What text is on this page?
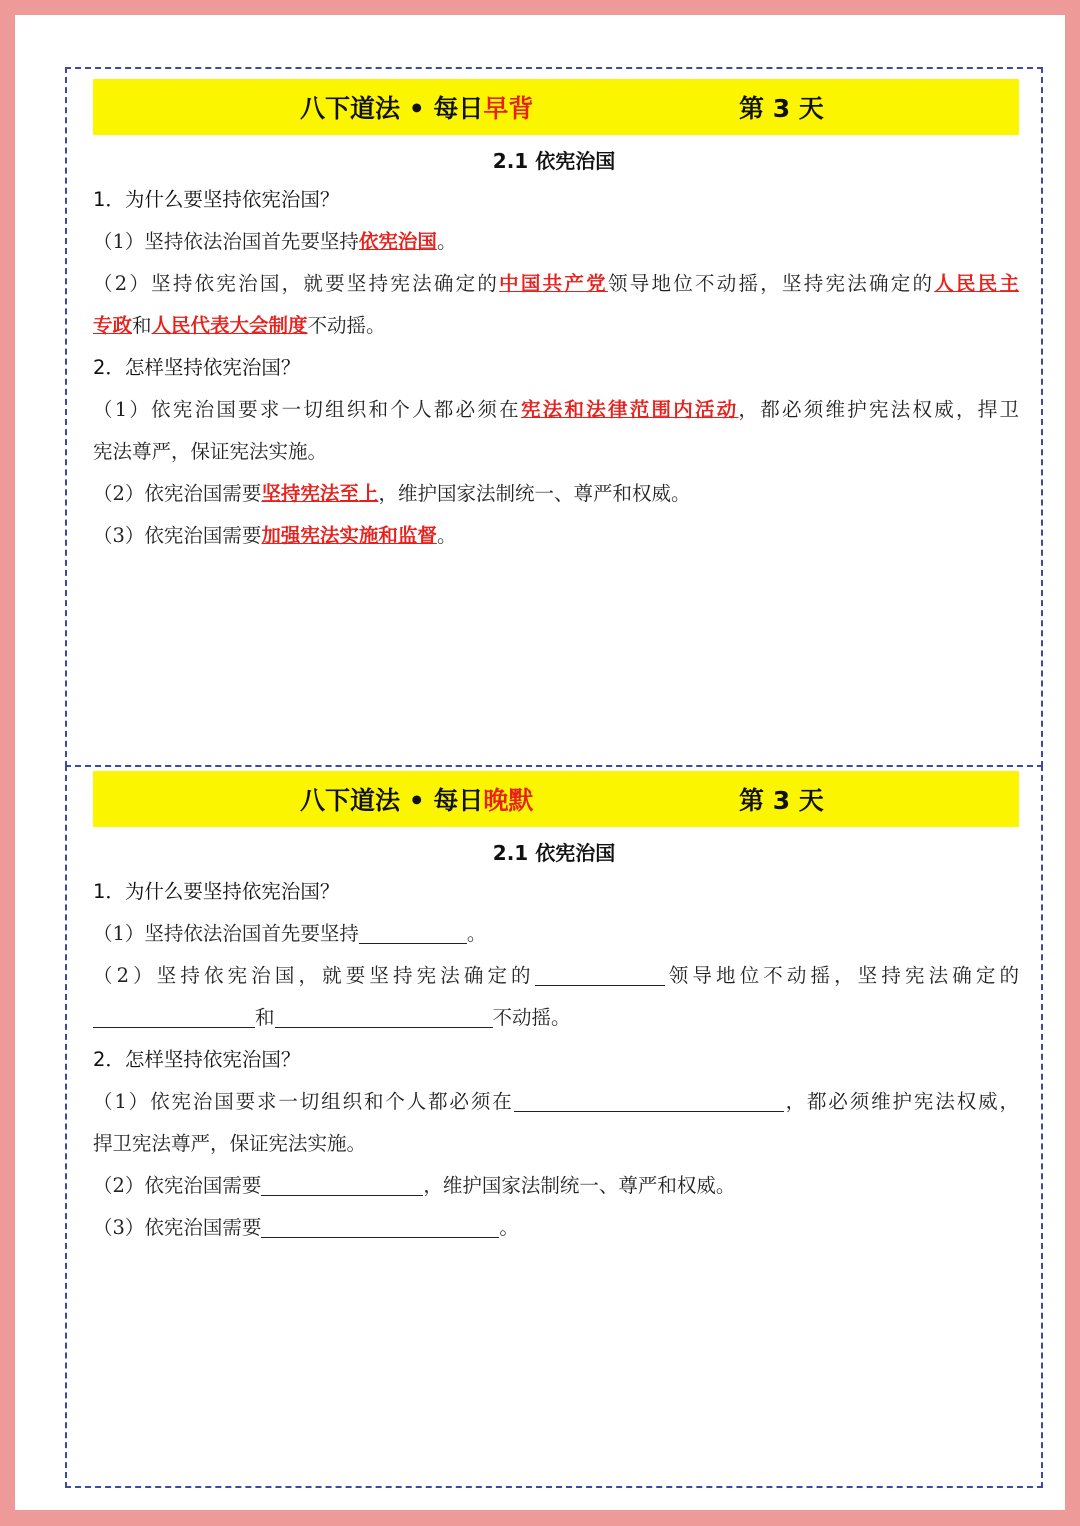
八下道法 • 每日早背	第 3 天
2.1 依宪治国

1．为什么要坚持依宪治国？

（1）坚持依法治国首先要坚持依宪治国。

（2）坚持依宪治国，就要坚持宪法确定的中国共产党领导地位不动摇，坚持宪法确定的人民民主

专政和人民代表大会制度不动摇。

2．怎样坚持依宪治国？

（1）依宪治国要求一切组织和个人都必须在宪法和法律范围内活动，都必须维护宪法权威，捍卫

宪法尊严，保证宪法实施。

（2）依宪治国需要坚持宪法至上，维护国家法制统一、尊严和权威。

（3）依宪治国需要加强宪法实施和监督。

八下道法 • 每日晚默	第 3 天
2.1 依宪治国

1．为什么要坚持依宪治国？

（1）坚持依法治国首先要坚持	。

（2）坚持依宪治国，就要坚持宪法确定的	领导地位不动摇，坚持宪法确定的

和	不动摇。

2．怎样坚持依宪治国？

（1）依宪治国要求一切组织和个人都必须在	，都必须维护宪法权威，

捍卫宪法尊严，保证宪法实施。

（2）依宪治国需要	，维护国家法制统一、尊严和权威。

（3）依宪治国需要	。
